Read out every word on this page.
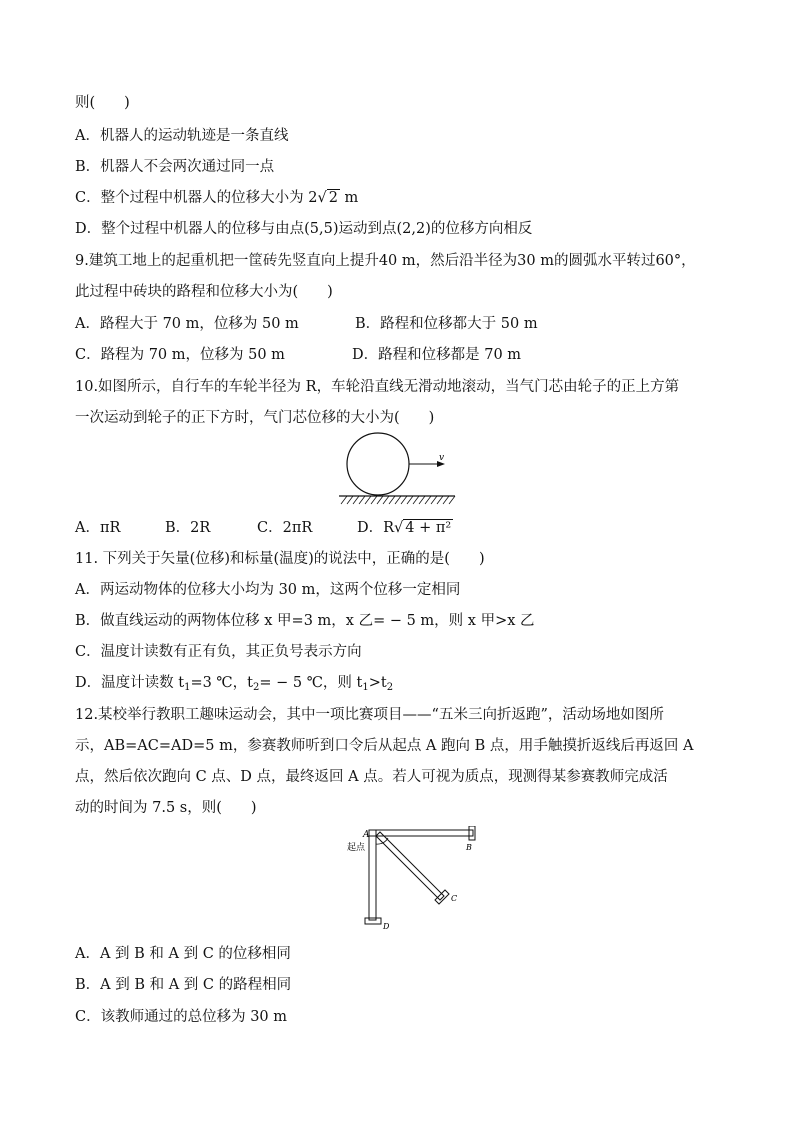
则(　　)
A．机器人的运动轨迹是一条直线
B．机器人不会两次通过同一点
C．整个过程中机器人的位移大小为 2√ 2 m
D．整个过程中机器人的位移与由点(5,5)运动到点(2,2)的位移方向相反
9.建筑工地上的起重机把一筐砖先竖直向上提升40 m，然后沿半径为30 m的圆弧水平转过60°，
此过程中砖块的路程和位移大小为(　　)
A．路程大于 70 m，位移为 50 m	B．路程和位移都大于 50 m
C．路程为 70 m，位移为 50 m	D．路程和位移都是 70 m
10.如图所示，自行车的车轮半径为 R，车轮沿直线无滑动地滚动，当气门芯由轮子的正上方第
一次运动到轮子的正下方时，气门芯位移的大小为(　　)
v
A．πR	B．2R	C．2πR	D．R√ 4 + π²
11. 下列关于矢量(位移)和标量(温度)的说法中，正确的是(　　)
A．两运动物体的位移大小均为 30 m，这两个位移一定相同
B．做直线运动的两物体位移 x 甲=3 m，x 乙= − 5 m，则 x 甲>x 乙
C．温度计读数有正有负，其正负号表示方向
D．温度计读数 $t_1=3$ ℃，$t_2= - 5$ ℃，则 $t_1>t_2$
12.某校举行教职工趣味运动会，其中一项比赛项目——“五米三向折返跑”，活动场地如图所
示，AB=AC=AD=5 m，参赛教师听到口令后从起点 A 跑向 B 点，用手触摸折返线后再返回 A
点，然后依次跑向 C 点、D 点，最终返回 A 点。若人可视为质点，现测得某参赛教师完成活
动的时间为 7.5 s，则(　　)
A
起点	B
C
D
A．A 到 B 和 A 到 C 的位移相同
B．A 到 B 和 A 到 C 的路程相同
C．该教师通过的总位移为 30 m
